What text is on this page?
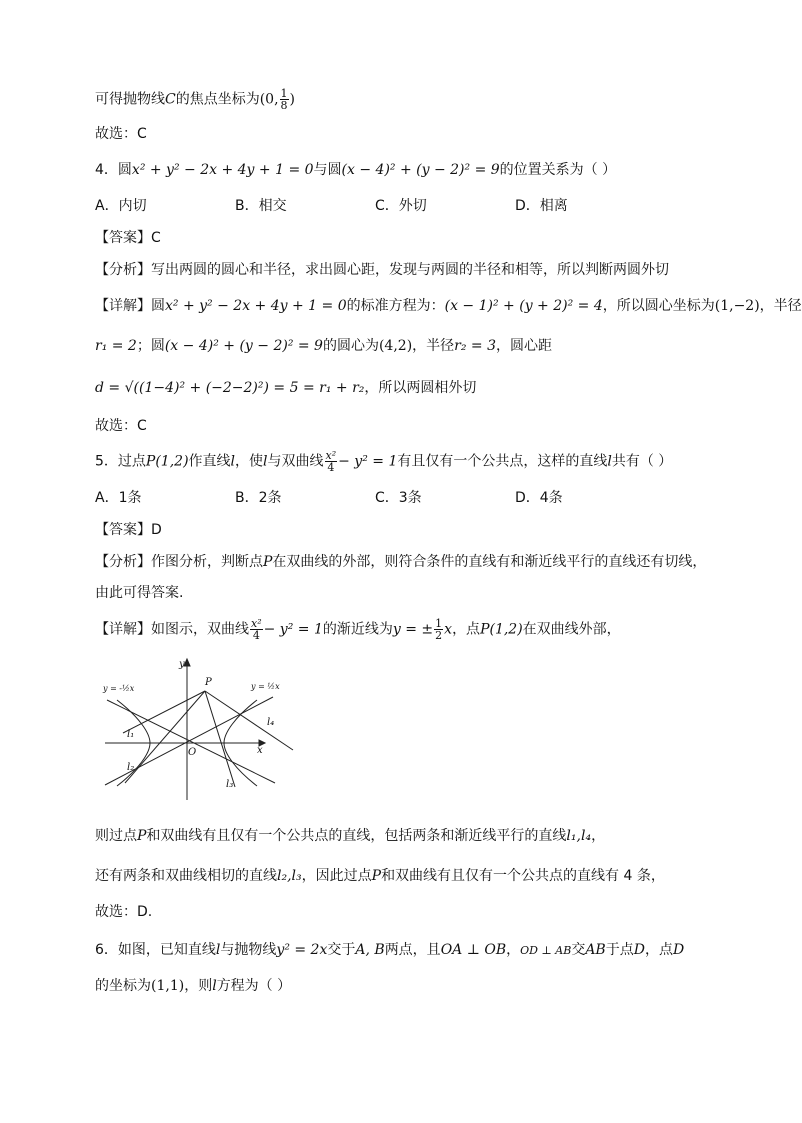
可得抛物线C的焦点坐标为(0, $\frac{1}{8}$ )
故选：C
4．圆x² + y² − 2x + 4y + 1 = 0与圆(x − 4)² + (y − 2)² = 9的位置关系为（ ）
A．内切	B．相交	C．外切	D．相离
【答案】C
【分析】写出两圆的圆心和半径，求出圆心距，发现与两圆的半径和相等，所以判断两圆外切
【详解】圆x² + y² − 2x + 4y + 1 = 0的标准方程为：(x − 1)² + (y + 2)² = 4，所以圆心坐标为(1,−2)，半径
r₁ = 2；圆(x − 4)² + (y − 2)² = 9的圆心为(4,2)，半径r₂ = 3，圆心距
d = √((1−4)² + (−2−2)²) = 5 = r₁ + r₂，所以两圆相外切
故选：C
5．过点P(1,2)作直线l，使l与双曲线 $\frac{\text{x²}}{4} - y^2 = 1$有且仅有一个公共点，这样的直线l共有（ ）
A．1条	B．2条	C．3条	D．4条
【答案】D
【分析】作图分析，判断点P在双曲线的外部，则符合条件的直线有和渐近线平行的直线还有切线，
由此可得答案.
【详解】如图示，双曲线 $\frac{\text{x²}}{4} - y^2 = 1$的渐近线为y = ± $\frac{1}{2}$ x，点P(1,2)在双曲线外部，
y
x
O
P
y = -½x	y = ½x
l₁
l₂
l₃
l₄
则过点P和双曲线有且仅有一个公共点的直线，包括两条和渐近线平行的直线l₁,l₄，
还有两条和双曲线相切的直线l₂,l₃，因此过点P和双曲线有且仅有一个公共点的直线有 4 条，
故选：D.
6．如图，已知直线l与抛物线y² = 2x交于A, B两点，且OA ⊥ OB，OD ⊥ AB交AB于点D，点D
的坐标为(1,1)，则l方程为（ ）
